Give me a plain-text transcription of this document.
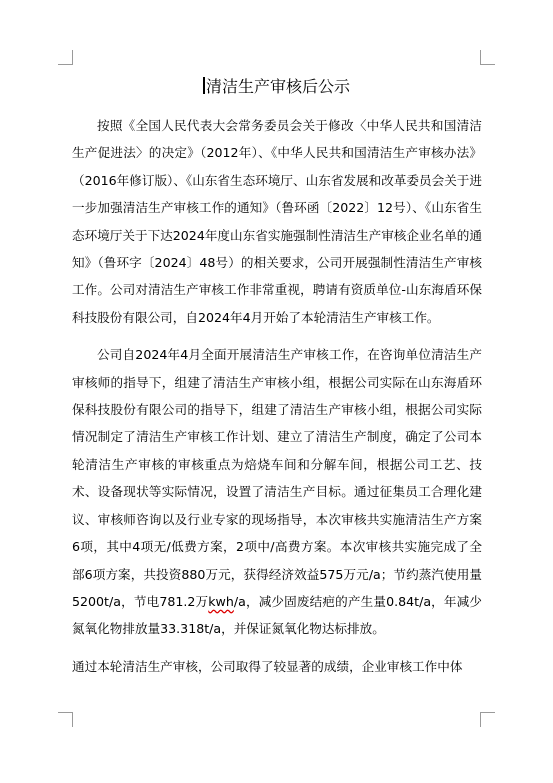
清洁生产审核后公示

按照《全国人民代表大会常务委员会关于修改〈中华人民共和国清洁生产促进法〉的决定》（2012年）、《中华人民共和国清洁生产审核办法》（2016年修订版）、《山东省生态环境厅、山东省发展和改革委员会关于进一步加强清洁生产审核工作的通知》（鲁环函〔2022〕12号）、《山东省生态环境厅关于下达2024年度山东省实施强制性清洁生产审核企业名单的通知》（鲁环字〔2024〕48号）的相关要求，公司开展强制性清洁生产审核工作。公司对清洁生产审核工作非常重视，聘请有资质单位-山东海盾环保科技股份有限公司，自2024年4月开始了本轮清洁生产审核工作。

公司自2024年4月全面开展清洁生产审核工作，在咨询单位清洁生产审核师的指导下，组建了清洁生产审核小组，根据公司实际在山东海盾环保科技股份有限公司的指导下，组建了清洁生产审核小组，根据公司实际情况制定了清洁生产审核工作计划、建立了清洁生产制度，确定了公司本轮清洁生产审核的审核重点为焙烧车间和分解车间，根据公司工艺、技术、设备现状等实际情况，设置了清洁生产目标。通过征集员工合理化建议、审核师咨询以及行业专家的现场指导，本次审核共实施清洁生产方案6项，其中4项无/低费方案，2项中/高费方案。本次审核共实施完成了全部6项方案，共投资880万元，获得经济效益575万元/a；节约蒸汽使用量5200t/a，节电781.2万kwh/a，减少固废结疤的产生量0.84t/a，年减少氮氧化物排放量33.318t/a，并保证氮氧化物达标排放。

通过本轮清洁生产审核，公司取得了较显著的成绩，企业审核工作中体
